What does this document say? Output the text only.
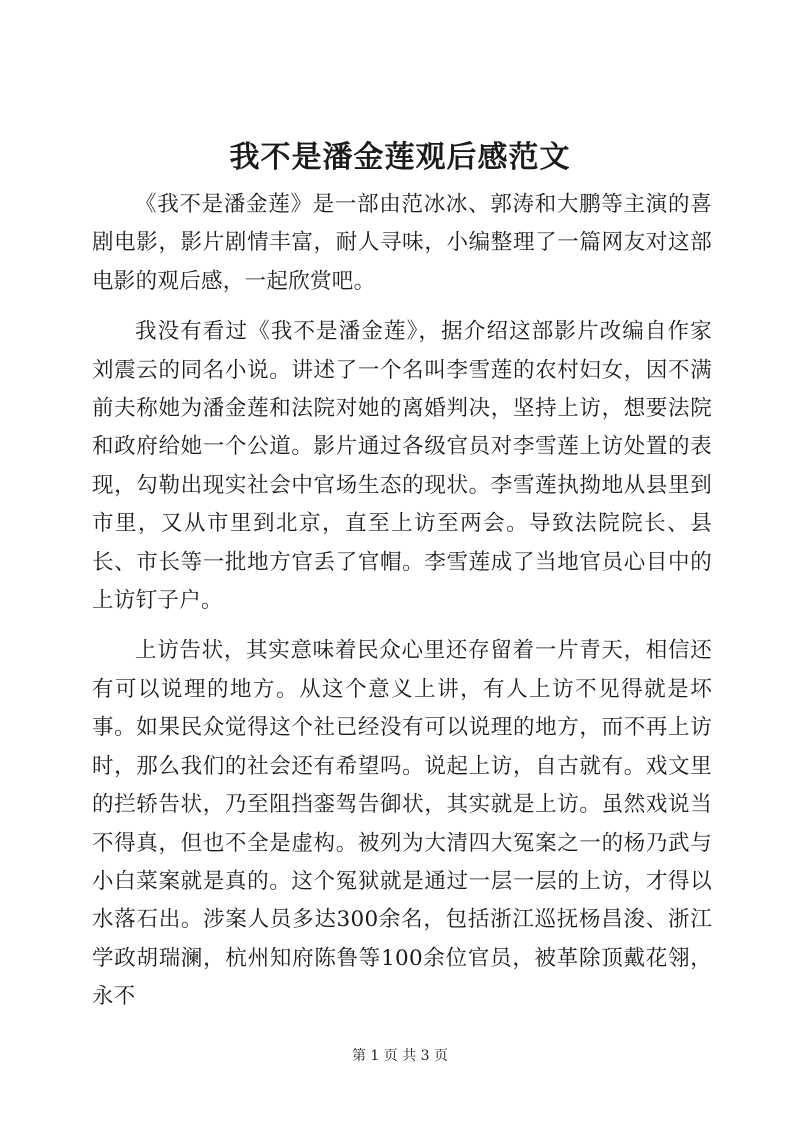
我不是潘金莲观后感范文

《我不是潘金莲》是一部由范冰冰、郭涛和大鹏等主演的喜剧电影，影片剧情丰富，耐人寻味，小编整理了一篇网友对这部电影的观后感，一起欣赏吧。

我没有看过《我不是潘金莲》，据介绍这部影片改编自作家刘震云的同名小说。讲述了一个名叫李雪莲的农村妇女，因不满前夫称她为潘金莲和法院对她的离婚判决，坚持上访，想要法院和政府给她一个公道。影片通过各级官员对李雪莲上访处置的表现，勾勒出现实社会中官场生态的现状。李雪莲执拗地从县里到市里，又从市里到北京，直至上访至两会。导致法院院长、县长、市长等一批地方官丢了官帽。李雪莲成了当地官员心目中的上访钉子户。

上访告状，其实意味着民众心里还存留着一片青天，相信还有可以说理的地方。从这个意义上讲，有人上访不见得就是坏事。如果民众觉得这个社已经没有可以说理的地方，而不再上访时，那么我们的社会还有希望吗。说起上访，自古就有。戏文里的拦轿告状，乃至阻挡銮驾告御状，其实就是上访。虽然戏说当不得真，但也不全是虚构。被列为大清四大冤案之一的杨乃武与小白菜案就是真的。这个冤狱就是通过一层一层的上访，才得以水落石出。涉案人员多达300余名，包括浙江巡抚杨昌浚、浙江学政胡瑞澜，杭州知府陈鲁等100余位官员，被革除顶戴花翎，永不

第 1 页 共 3 页
